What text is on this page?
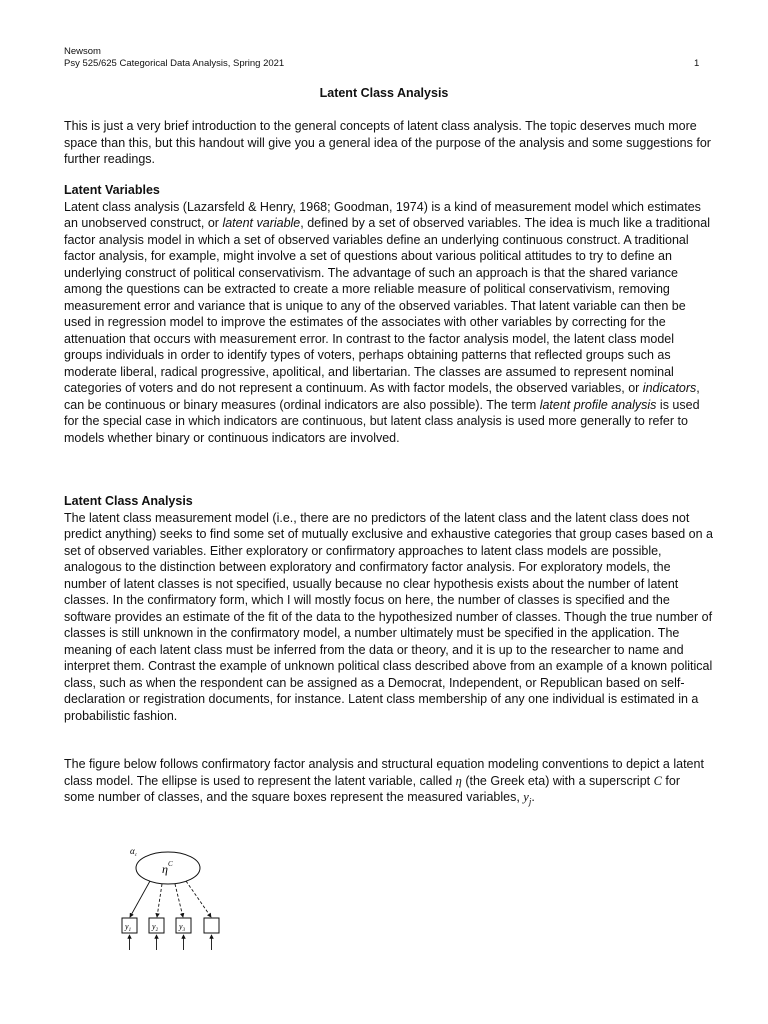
Newsom
Psy 525/625 Categorical Data Analysis, Spring 2021	1
Latent Class Analysis

This is just a very brief introduction to the general concepts of latent class analysis. The topic deserves much more space than this, but this handout will give you a general idea of the purpose of the analysis and some suggestions for further readings.

Latent Variables

Latent class analysis (Lazarsfeld & Henry, 1968; Goodman, 1974) is a kind of measurement model which estimates an unobserved construct, or latent variable, defined by a set of observed variables. The idea is much like a traditional factor analysis model in which a set of observed variables define an underlying continuous construct. A traditional factor analysis, for example, might involve a set of questions about various political attitudes to try to define an underlying construct of political conservativism. The advantage of such an approach is that the shared variance among the questions can be extracted to create a more reliable measure of political conservativism, removing measurement error and variance that is unique to any of the observed variables. That latent variable can then be used in regression model to improve the estimates of the associates with other variables by correcting for the attenuation that occurs with measurement error. In contrast to the factor analysis model, the latent class model groups individuals in order to identify types of voters, perhaps obtaining patterns that reflected groups such as moderate liberal, radical progressive, apolitical, and libertarian. The classes are assumed to represent nominal categories of voters and do not represent a continuum. As with factor models, the observed variables, or indicators, can be continuous or binary measures (ordinal indicators are also possible). The term latent profile analysis is used for the special case in which indicators are continuous, but latent class analysis is used more generally to refer to models whether binary or continuous indicators are involved.

Latent Class Analysis

The latent class measurement model (i.e., there are no predictors of the latent class and the latent class does not predict anything) seeks to find some set of mutually exclusive and exhaustive categories that group cases based on a set of observed variables. Either exploratory or confirmatory approaches to latent class models are possible, analogous to the distinction between exploratory and confirmatory factor analysis. For exploratory models, the number of latent classes is not specified, usually because no clear hypothesis exists about the number of latent classes. In the confirmatory form, which I will mostly focus on here, the number of classes is specified and the software provides an estimate of the fit of the data to the hypothesized number of classes. Though the true number of classes is still unknown in the confirmatory model, a number ultimately must be specified in the application. The meaning of each latent class must be inferred from the data or theory, and it is up to the researcher to name and interpret them. Contrast the example of unknown political class described above from an example of a known political class, such as when the respondent can be assigned as a Democrat, Independent, or Republican based on self-declaration or registration documents, for instance. Latent class membership of any one individual is estimated in a probabilistic fashion.

The figure below follows confirmatory factor analysis and structural equation modeling conventions to depict a latent class model. The ellipse is used to represent the latent variable, called η (the Greek eta) with a superscript C for some number of classes, and the square boxes represent the measured variables, $y_j$.

$\alpha_c$
$\eta^C$
$y_1$	$y_2$	$y_3$
